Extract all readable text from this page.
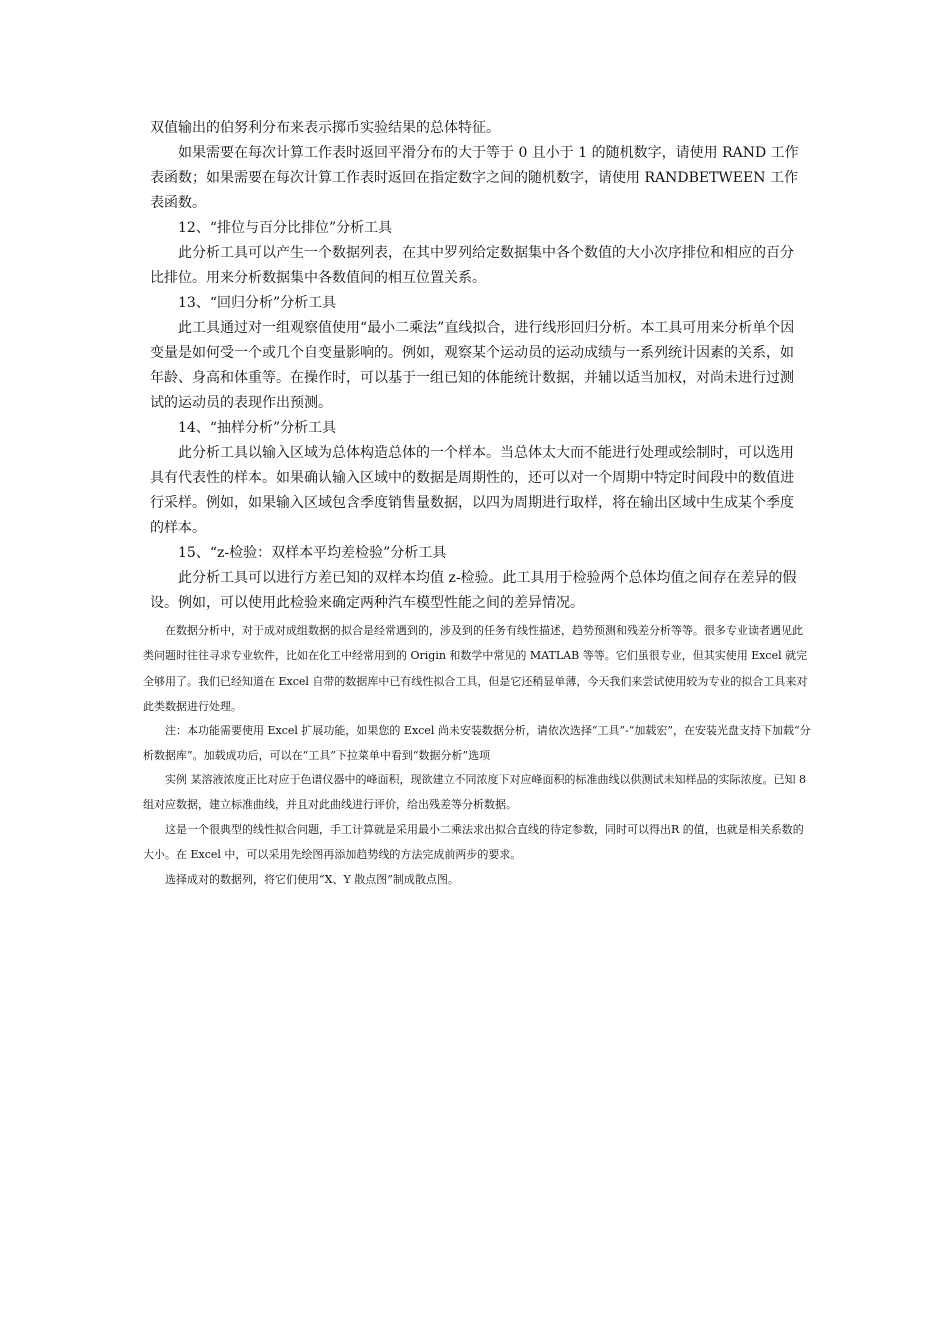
双值输出的伯努利分布来表示掷币实验结果的总体特征。

如果需要在每次计算工作表时返回平滑分布的大于等于 0 且小于 1 的随机数字，请使用 RAND 工作表函数；如果需要在每次计算工作表时返回在指定数字之间的随机数字，请使用 RANDBETWEEN 工作表函数。

12、“排位与百分比排位”分析工具

此分析工具可以产生一个数据列表，在其中罗列给定数据集中各个数值的大小次序排位和相应的百分比排位。用来分析数据集中各数值间的相互位置关系。

13、“回归分析”分析工具

此工具通过对一组观察值使用“最小二乘法”直线拟合，进行线形回归分析。本工具可用来分析单个因变量是如何受一个或几个自变量影响的。例如，观察某个运动员的运动成绩与一系列统计因素的关系，如年龄、身高和体重等。在操作时，可以基于一组已知的体能统计数据，并辅以适当加权，对尚未进行过测试的运动员的表现作出预测。

14、“抽样分析”分析工具

此分析工具以输入区域为总体构造总体的一个样本。当总体太大而不能进行处理或绘制时，可以选用具有代表性的样本。如果确认输入区域中的数据是周期性的，还可以对一个周期中特定时间段中的数值进行采样。例如，如果输入区域包含季度销售量数据，以四为周期进行取样，将在输出区域中生成某个季度的样本。

15、“z-检验：双样本平均差检验”分析工具

此分析工具可以进行方差已知的双样本均值 z-检验。此工具用于检验两个总体均值之间存在差异的假设。例如，可以使用此检验来确定两种汽车模型性能之间的差异情况。

在数据分析中，对于成对成组数据的拟合是经常遇到的，涉及到的任务有线性描述，趋势预测和残差分析等等。很多专业读者遇见此类问题时往往寻求专业软件，比如在化工中经常用到的 Origin 和数学中常见的 MATLAB 等等。它们虽很专业，但其实使用 Excel 就完全够用了。我们已经知道在 Excel 自带的数据库中已有线性拟合工具，但是它还稍显单薄，今天我们来尝试使用较为专业的拟合工具来对此类数据进行处理。

注：本功能需要使用 Excel 扩展功能，如果您的 Excel 尚未安装数据分析，请依次选择“工具”-“加载宏”，在安装光盘支持下加载“分析数据库”。加载成功后，可以在“工具”下拉菜单中看到“数据分析”选项

实例 某溶液浓度正比对应于色谱仪器中的峰面积，现欲建立不同浓度下对应峰面积的标准曲线以供测试未知样品的实际浓度。已知 8 组对应数据，建立标准曲线，并且对此曲线进行评价，给出残差等分析数据。

这是一个很典型的线性拟合问题，手工计算就是采用最小二乘法求出拟合直线的待定参数，同时可以得出R 的值，也就是相关系数的大小。在 Excel 中，可以采用先绘图再添加趋势线的方法完成前两步的要求。

选择成对的数据列，将它们使用“X、Y 散点图”制成散点图。
